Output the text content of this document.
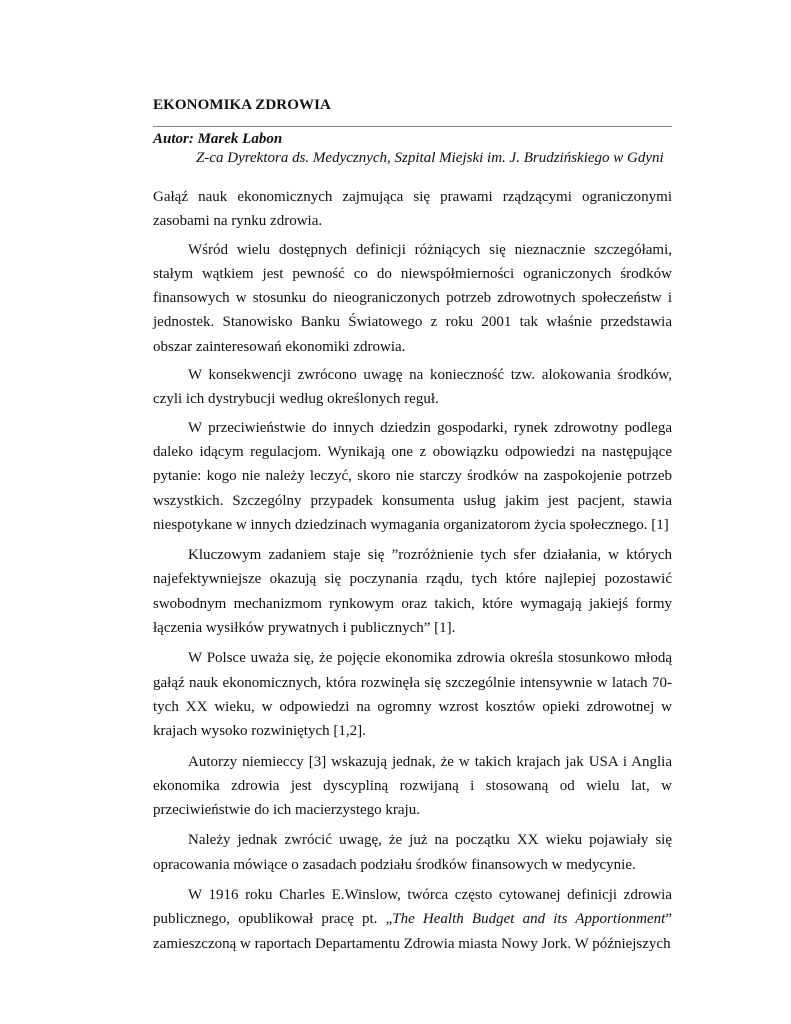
EKONOMIKA ZDROWIA
Autor: Marek Labon
Z-ca Dyrektora ds. Medycznych, Szpital Miejski im. J. Brudzińskiego w Gdyni

Gałąź nauk ekonomicznych zajmująca się prawami rządzącymi ograniczonymi zasobami na rynku zdrowia.

Wśród wielu dostępnych definicji różniących się nieznacznie szczegółami, stałym wątkiem jest pewność co do niewspółmierności ograniczonych środków finansowych w stosunku do nieograniczonych potrzeb zdrowotnych społeczeństw i jednostek. Stanowisko Banku Światowego z roku 2001 tak właśnie przedstawia obszar zainteresowań ekonomiki zdrowia.

W konsekwencji zwrócono uwagę na konieczność tzw. alokowania środków, czyli ich dystrybucji według określonych reguł.

W przeciwieństwie do innych dziedzin gospodarki, rynek zdrowotny podlega daleko idącym regulacjom. Wynikają one z obowiązku odpowiedzi na następujące pytanie: kogo nie należy leczyć, skoro nie starczy środków na zaspokojenie potrzeb wszystkich. Szczególny przypadek konsumenta usług jakim jest pacjent, stawia niespotykane w innych dziedzinach wymagania organizatorom życia społecznego. [1]

Kluczowym zadaniem staje się ”rozróżnienie tych sfer działania, w których najefektywniejsze okazują się poczynania rządu, tych które najlepiej pozostawić swobodnym mechanizmom rynkowym oraz takich, które wymagają jakiejś formy łączenia wysiłków prywatnych i publicznych” [1].

W Polsce uważa się, że pojęcie ekonomika zdrowia określa stosunkowo młodą gałąź nauk ekonomicznych, która rozwinęła się szczególnie intensywnie w latach 70-tych XX wieku, w odpowiedzi na ogromny wzrost kosztów opieki zdrowotnej w krajach wysoko rozwiniętych [1,2].

Autorzy niemieccy [3] wskazują jednak, że w takich krajach jak USA i Anglia ekonomika zdrowia jest dyscypliną rozwijaną i stosowaną od wielu lat, w przeciwieństwie do ich macierzystego kraju.

Należy jednak zwrócić uwagę, że już na początku XX wieku pojawiały się opracowania mówiące o zasadach podziału środków finansowych w medycynie.

W 1916 roku Charles E.Winslow, twórca często cytowanej definicji zdrowia publicznego, opublikował pracę pt. „The Health Budget and its Apportionment” zamieszczoną w raportach Departamentu Zdrowia miasta Nowy Jork. W późniejszych
